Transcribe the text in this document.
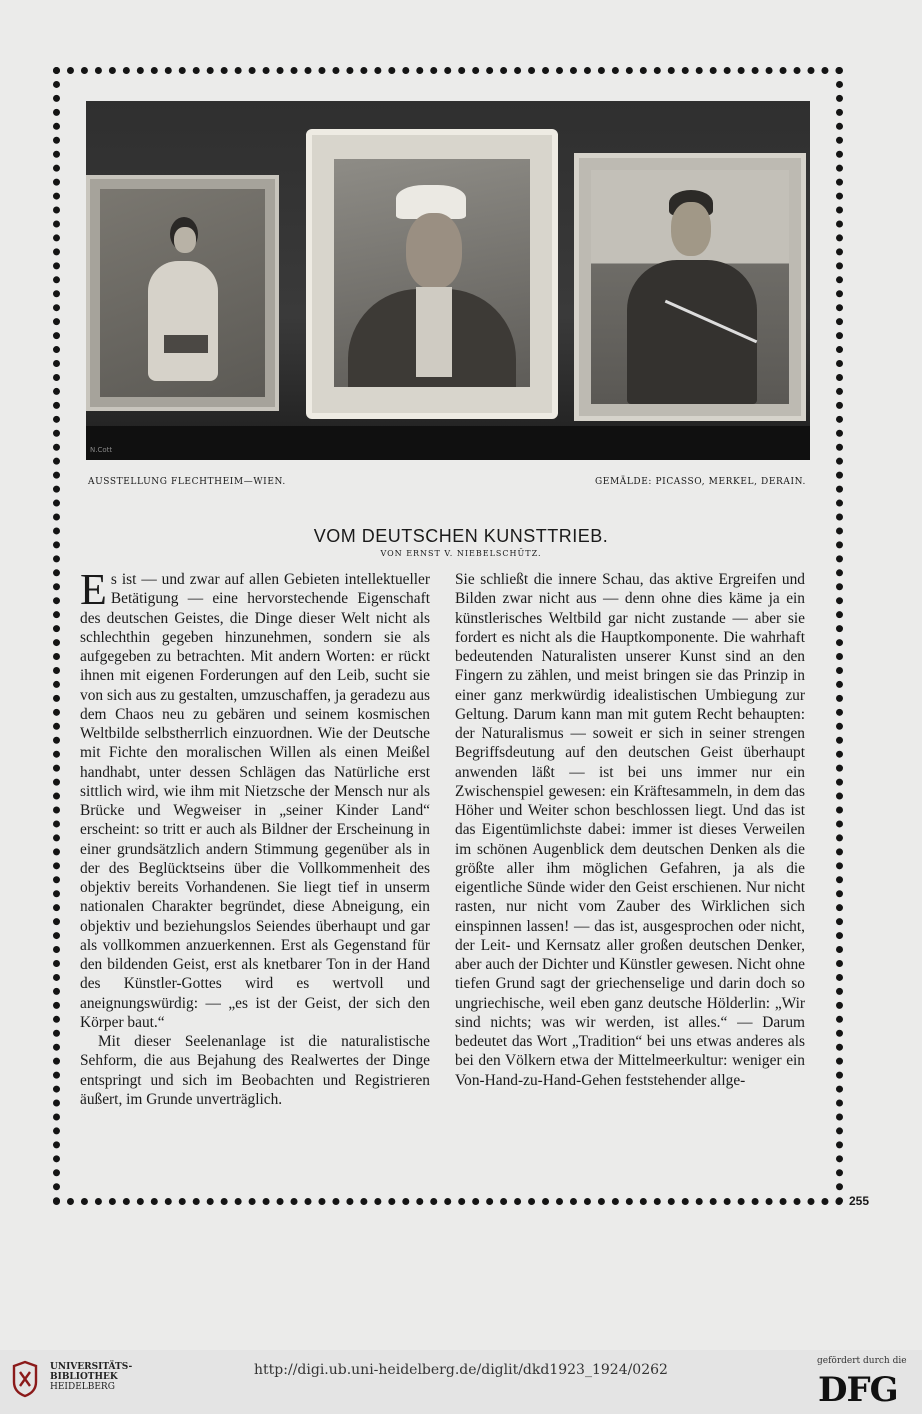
N.Cott
AUSSTELLUNG FLECHTHEIM—WIEN.	GEMÄLDE: PICASSO, MERKEL, DERAIN.
VOM DEUTSCHEN KUNSTTRIEB.
VON ERNST V. NIEBELSCHÜTZ.

Es ist — und zwar auf allen Gebieten intellektueller Betätigung — eine hervorstechende Eigenschaft des deutschen Geistes, die Dinge dieser Welt nicht als schlechthin gegeben hinzunehmen, sondern sie als aufgegeben zu betrachten. Mit andern Worten: er rückt ihnen mit eigenen Forderungen auf den Leib, sucht sie von sich aus zu gestalten, umzuschaffen, ja geradezu aus dem Chaos neu zu gebären und seinem kosmischen Weltbilde selbstherrlich einzuordnen. Wie der Deutsche mit Fichte den moralischen Willen als einen Meißel handhabt, unter dessen Schlägen das Natürliche erst sittlich wird, wie ihm mit Nietzsche der Mensch nur als Brücke und Wegweiser in „seiner Kinder Land“ erscheint: so tritt er auch als Bildner der Erscheinung in einer grundsätzlich andern Stimmung gegenüber als in der des Beglücktseins über die Vollkommenheit des objektiv bereits Vorhandenen. Sie liegt tief in unserm nationalen Charakter begründet, diese Abneigung, ein objektiv und beziehungslos Seiendes überhaupt und gar als vollkommen anzuerkennen. Erst als Gegenstand für den bildenden Geist, erst als knetbarer Ton in der Hand des Künstler-Gottes wird es wertvoll und aneignungswürdig: — „es ist der Geist, der sich den Körper baut.“

Mit dieser Seelenanlage ist die naturalistische Sehform, die aus Bejahung des Realwertes der Dinge entspringt und sich im Beobachten und Registrieren äußert, im Grunde unverträglich.

Sie schließt die innere Schau, das aktive Ergreifen und Bilden zwar nicht aus — denn ohne dies käme ja ein künstlerisches Weltbild gar nicht zustande — aber sie fordert es nicht als die Hauptkomponente. Die wahrhaft bedeutenden Naturalisten unserer Kunst sind an den Fingern zu zählen, und meist bringen sie das Prinzip in einer ganz merkwürdig idealistischen Umbiegung zur Geltung. Darum kann man mit gutem Recht behaupten: der Naturalismus — soweit er sich in seiner strengen Begriffsdeutung auf den deutschen Geist überhaupt anwenden läßt — ist bei uns immer nur ein Zwischenspiel gewesen: ein Kräftesammeln, in dem das Höher und Weiter schon beschlossen liegt. Und das ist das Eigentümlichste dabei: immer ist dieses Verweilen im schönen Augenblick dem deutschen Denken als die größte aller ihm möglichen Gefahren, ja als die eigentliche Sünde wider den Geist erschienen. Nur nicht rasten, nur nicht vom Zauber des Wirklichen sich einspinnen lassen! — das ist, ausgesprochen oder nicht, der Leit- und Kernsatz aller großen deutschen Denker, aber auch der Dichter und Künstler gewesen. Nicht ohne tiefen Grund sagt der griechenselige und darin doch so ungriechische, weil eben ganz deutsche Hölderlin: „Wir sind nichts; was wir werden, ist alles.“ — Darum bedeutet das Wort „Tradition“ bei uns etwas anderes als bei den Völkern etwa der Mittelmeerkultur: weniger ein Von-Hand-zu-Hand-Gehen feststehender allge-

255
UNIVERSITÄTS-
BIBLIOTHEK
HEIDELBERG
http://digi.ub.uni-heidelberg.de/diglit/dkd1923_1924/0262
gefördert durch die
DFG
